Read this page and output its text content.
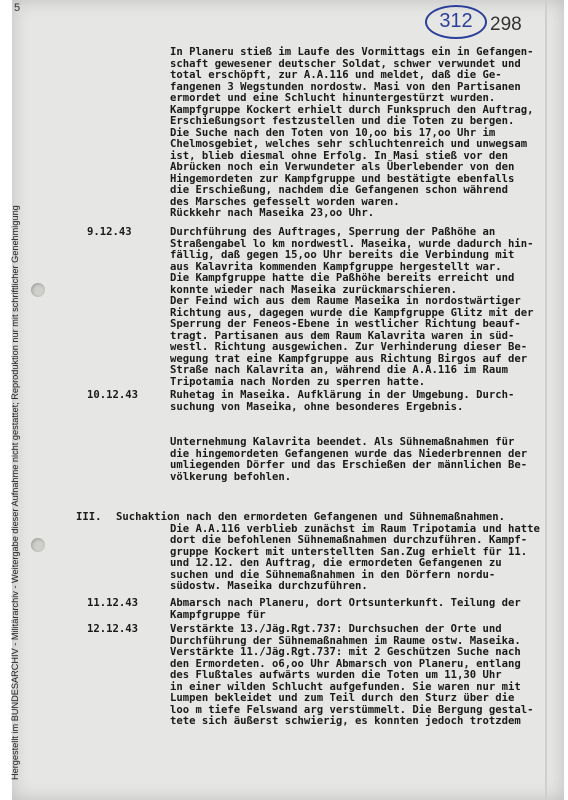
5
312 298
Hergestellt im BUNDESARCHIV - Militärarchiv - Weitergabe dieser Aufnahme nicht gestattet; Reproduktion nur mit schriftlicher Genehmigung
In Planeru stieß im Laufe des Vormittags ein in Gefangen-
schaft gewesener deutscher Soldat, schwer verwundet und
total erschöpft, zur A.A.116 und meldet, daß die Ge-
fangenen 3 Wegstunden nordostw. Masi von den Partisanen
ermordet und eine Schlucht hinuntergestürzt wurden.
Kampfgruppe Kockert erhielt durch Funkspruch den Auftrag,
Erschießungsort festzustellen und die Toten zu bergen.
Die Suche nach den Toten von 10,oo bis 17,oo Uhr im
Chelmosgebiet, welches sehr schluchtenreich und unwegsam
ist, blieb diesmal ohne Erfolg. In Masi stieß vor den
Abrücken noch ein Verwundeter als Überlebender von den
Hingemordeten zur Kampfgruppe und bestätigte ebenfalls
die Erschießung, nachdem die Gefangenen schon während
des Marsches gefesselt worden waren.
Rückkehr nach Maseika 23,oo Uhr.
9.12.43	Durchführung des Auftrages, Sperrung der Paßhöhe an
Straßengabel lo km nordwestl. Maseika, wurde dadurch hin-
fällig, daß gegen 15,oo Uhr bereits die Verbindung mit
aus Kalavrita kommenden Kampfgruppe hergestellt war.
Die Kampfgruppe hatte die Paßhöhe bereits erreicht und
konnte wieder nach Maseika zurückmarschieren.
Der Feind wich aus dem Raume Maseika in nordostwärtiger
Richtung aus, dagegen wurde die Kampfgruppe Glitz mit der
Sperrung der Feneos-Ebene in westlicher Richtung beauf-
tragt. Partisanen aus dem Raum Kalavrita waren in süd-
westl. Richtung ausgewichen. Zur Verhinderung dieser Be-
wegung trat eine Kampfgruppe aus Richtung Birgos auf der
Straße nach Kalavrita an, während die A.A.116 im Raum
Tripotamia nach Norden zu sperren hatte.
10.12.43	Ruhetag in Maseika. Aufklärung in der Umgebung. Durch-
suchung von Maseika, ohne besonderes Ergebnis.
Unternehmung Kalavrita beendet. Als Sühnemaßnahmen für
die hingemordeten Gefangenen wurde das Niederbrennen der
umliegenden Dörfer und das Erschießen der männlichen Be-
völkerung befohlen.
III. Suchaktion nach den ermordeten Gefangenen und Sühnemaßnahmen.
Die A.A.116 verblieb zunächst im Raum Tripotamia und hatte
dort die befohlenen Sühnemaßnahmen durchzuführen. Kampf-
gruppe Kockert mit unterstellten San.Zug erhielt für 11.
und 12.12. den Auftrag, die ermordeten Gefangenen zu
suchen und die Sühnemaßnahmen in den Dörfern nordu-
südostw. Maseika durchzuführen.
11.12.43	Abmarsch nach Planeru, dort Ortsunterkunft. Teilung der
Kampfgruppe für
12.12.43	Verstärkte 13./Jäg.Rgt.737: Durchsuchen der Orte und
Durchführung der Sühnemaßnahmen im Raume ostw. Maseika.
Verstärkte 11./Jäg.Rgt.737: mit 2 Geschützen Suche nach
den Ermordeten. o6,oo Uhr Abmarsch von Planeru, entlang
des Flußtales aufwärts wurden die Toten um 11,30 Uhr
in einer wilden Schlucht aufgefunden. Sie waren nur mit
Lumpen bekleidet und zum Teil durch den Sturz über die
loo m tiefe Felswand arg verstümmelt. Die Bergung gestal-
tete sich äußerst schwierig, es konnten jedoch trotzdem
